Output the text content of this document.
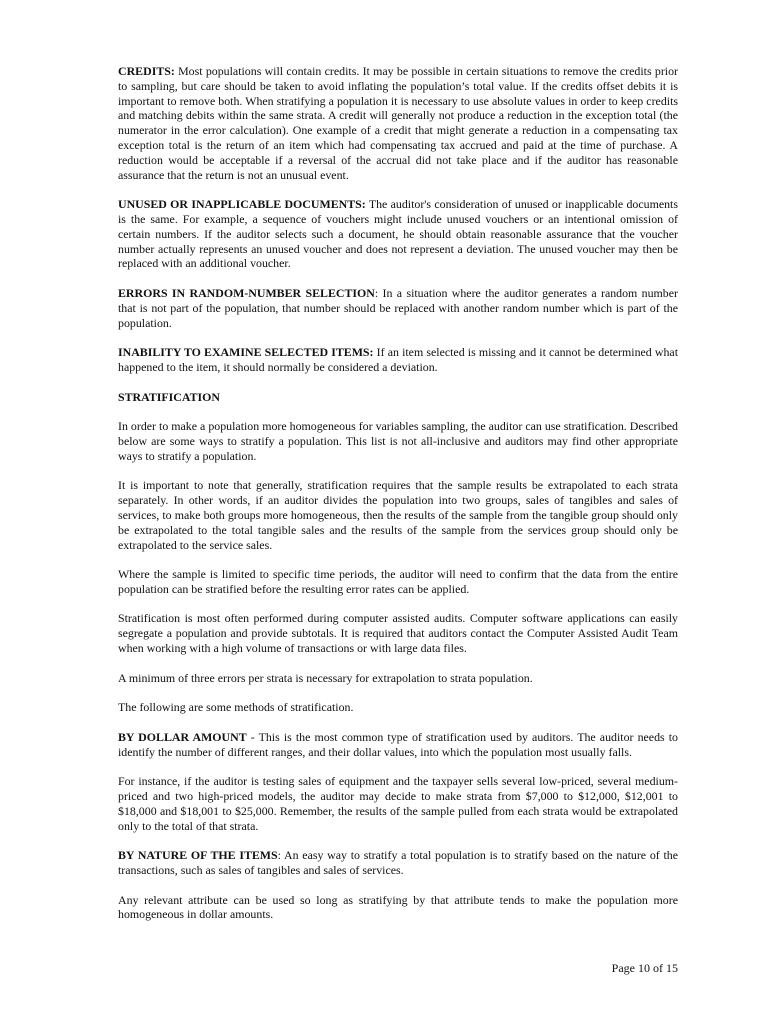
CREDITS: Most populations will contain credits. It may be possible in certain situations to remove the credits prior to sampling, but care should be taken to avoid inflating the population’s total value. If the credits offset debits it is important to remove both. When stratifying a population it is necessary to use absolute values in order to keep credits and matching debits within the same strata. A credit will generally not produce a reduction in the exception total (the numerator in the error calculation). One example of a credit that might generate a reduction in a compensating tax exception total is the return of an item which had compensating tax accrued and paid at the time of purchase. A reduction would be acceptable if a reversal of the accrual did not take place and if the auditor has reasonable assurance that the return is not an unusual event.

UNUSED OR INAPPLICABLE DOCUMENTS: The auditor's consideration of unused or inapplicable documents is the same. For example, a sequence of vouchers might include unused vouchers or an intentional omission of certain numbers. If the auditor selects such a document, he should obtain reasonable assurance that the voucher number actually represents an unused voucher and does not represent a deviation. The unused voucher may then be replaced with an additional voucher.

ERRORS IN RANDOM-NUMBER SELECTION: In a situation where the auditor generates a random number that is not part of the population, that number should be replaced with another random number which is part of the population.

INABILITY TO EXAMINE SELECTED ITEMS: If an item selected is missing and it cannot be determined what happened to the item, it should normally be considered a deviation.

STRATIFICATION

In order to make a population more homogeneous for variables sampling, the auditor can use stratification. Described below are some ways to stratify a population. This list is not all-inclusive and auditors may find other appropriate ways to stratify a population.

It is important to note that generally, stratification requires that the sample results be extrapolated to each strata separately. In other words, if an auditor divides the population into two groups, sales of tangibles and sales of services, to make both groups more homogeneous, then the results of the sample from the tangible group should only be extrapolated to the total tangible sales and the results of the sample from the services group should only be extrapolated to the service sales.

Where the sample is limited to specific time periods, the auditor will need to confirm that the data from the entire population can be stratified before the resulting error rates can be applied.

Stratification is most often performed during computer assisted audits. Computer software applications can easily segregate a population and provide subtotals. It is required that auditors contact the Computer Assisted Audit Team when working with a high volume of transactions or with large data files.

A minimum of three errors per strata is necessary for extrapolation to strata population.

The following are some methods of stratification.

BY DOLLAR AMOUNT - This is the most common type of stratification used by auditors. The auditor needs to identify the number of different ranges, and their dollar values, into which the population most usually falls.

For instance, if the auditor is testing sales of equipment and the taxpayer sells several low-priced, several medium-priced and two high-priced models, the auditor may decide to make strata from $7,000 to $12,000, $12,001 to $18,000 and $18,001 to $25,000. Remember, the results of the sample pulled from each strata would be extrapolated only to the total of that strata.

BY NATURE OF THE ITEMS: An easy way to stratify a total population is to stratify based on the nature of the transactions, such as sales of tangibles and sales of services.

Any relevant attribute can be used so long as stratifying by that attribute tends to make the population more homogeneous in dollar amounts.

Page 10 of 15
